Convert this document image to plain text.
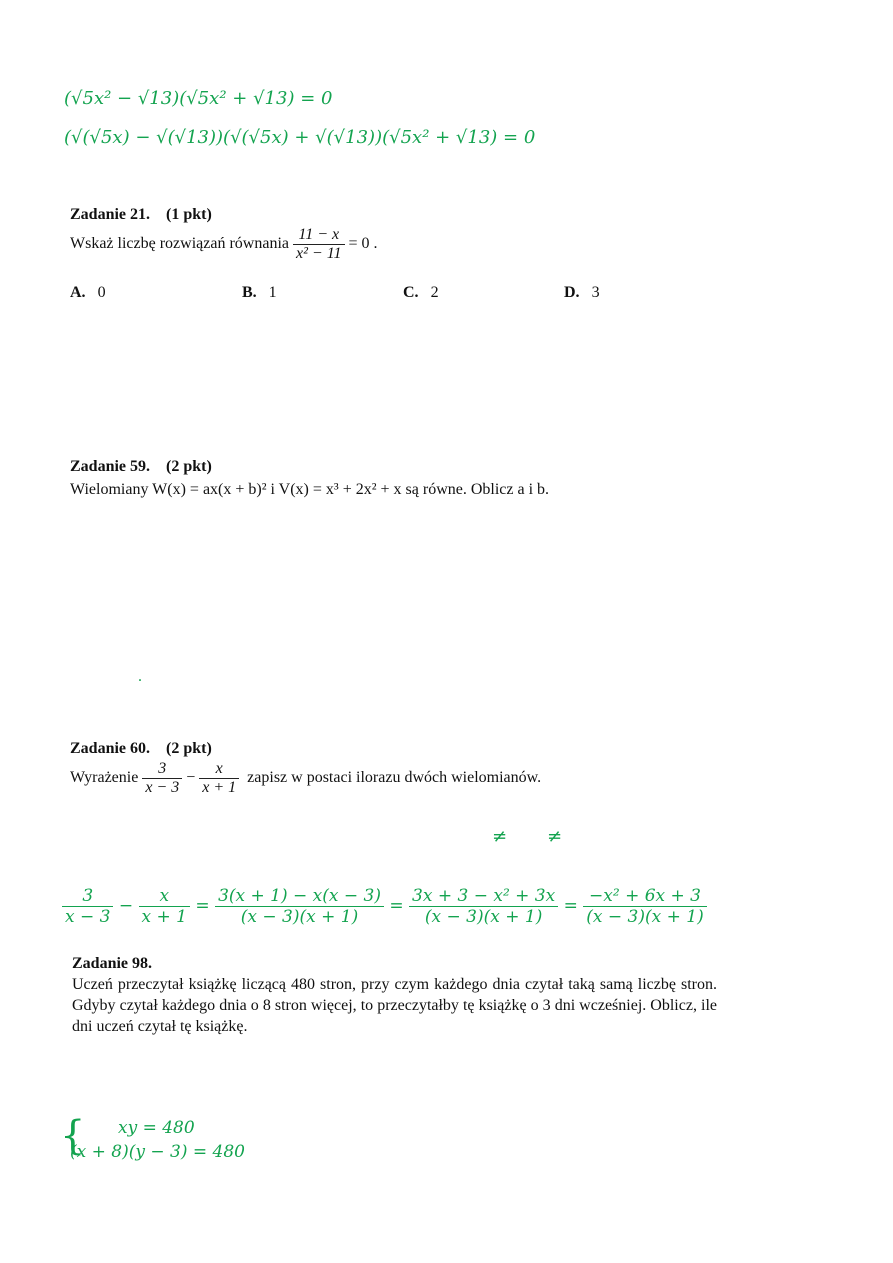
(√5x² − √13)(√5x² + √13) = 0
(√(√5x) − √(√13))(√(√5x) + √(√13))(√5x² + √13) = 0
Zadanie 21. (1 pkt)
Wskaż liczbę rozwiązań równania $\frac{11 - x}{\text{x² − 11}} = 0$ .
A. 0	B. 1	C. 2	D. 3
Zadanie 59. (2 pkt)
Wielomiany W(x) = ax(x + b)² i V(x) = x³ + 2x² + x są równe. Oblicz a i b.
.
Zadanie 60. (2 pkt)
Wyrażenie $\frac{3}{x - 3} - \frac{x}{x + 1}$ zapisz w postaci ilorazu dwóch wielomianów.
≠ ≠
$\frac{3}{x - 3} - \frac{x}{x + 1} = \frac{3(x + 1) - x(x - 3)}{(x - 3)(x + 1)} = \frac{\text{3x + 3 − x² + 3x}}{(x - 3)(x + 1)} = \frac{\text{−x² + 6x + 3}}{(x - 3)(x + 1)}$
Zadanie 98.
Uczeń przeczytał książkę liczącą 480 stron, przy czym każdego dnia czytał taką samą liczbę stron. Gdyby czytał każdego dnia o 8 stron więcej, to przeczytałby tę książkę o 3 dni wcześniej. Oblicz, ile dni uczeń czytał tę książkę.
{ xy = 480
(x + 8)(y − 3) = 480
